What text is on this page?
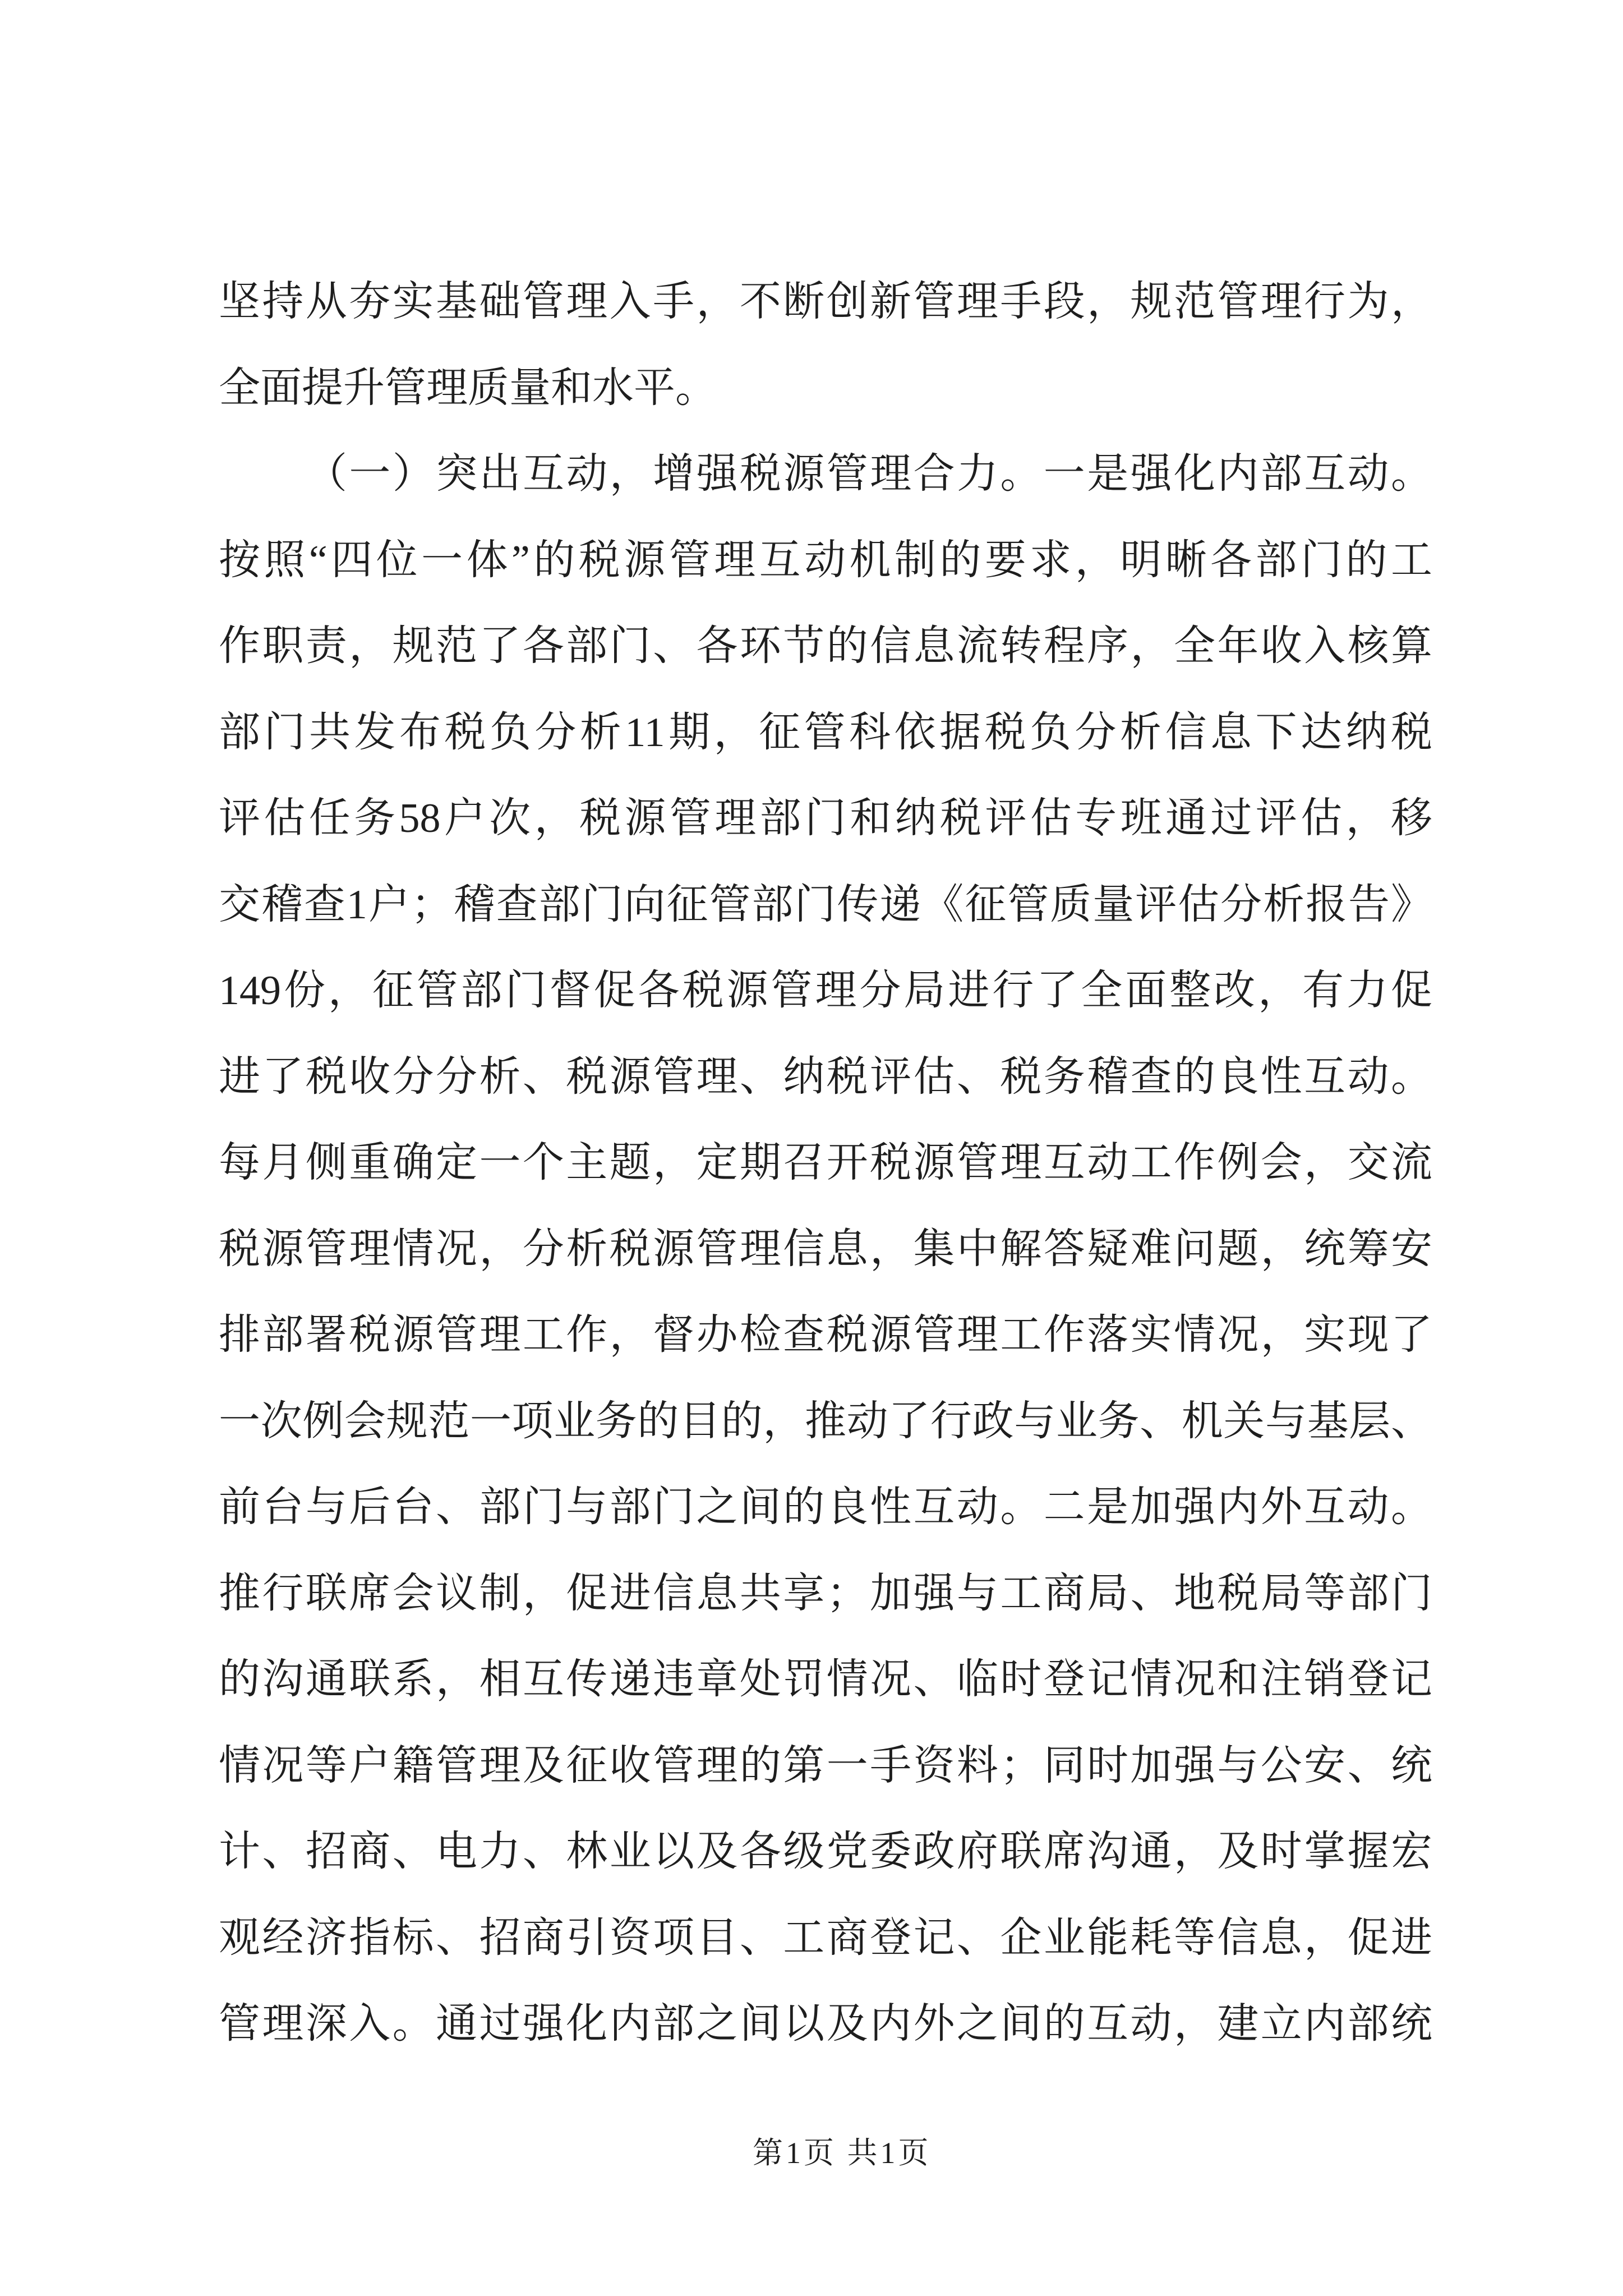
坚持从夯实基础管理入手，不断创新管理手段，规范管理行为，
全面提升管理质量和水平。
（一）突出互动，增强税源管理合力。一是强化内部互动。
按照“四位一体”的税源管理互动机制的要求，明晰各部门的工
作职责，规范了各部门、各环节的信息流转程序，全年收入核算
部门共发布税负分析11期，征管科依据税负分析信息下达纳税
评估任务58户次，税源管理部门和纳税评估专班通过评估，移
交稽查1户；稽查部门向征管部门传递《征管质量评估分析报告》
149份，征管部门督促各税源管理分局进行了全面整改，有力促
进了税收分分析、税源管理、纳税评估、税务稽查的良性互动。
每月侧重确定一个主题，定期召开税源管理互动工作例会，交流
税源管理情况，分析税源管理信息，集中解答疑难问题，统筹安
排部署税源管理工作，督办检查税源管理工作落实情况，实现了
一次例会规范一项业务的目的，推动了行政与业务、机关与基层、
前台与后台、部门与部门之间的良性互动。二是加强内外互动。
推行联席会议制，促进信息共享；加强与工商局、地税局等部门
的沟通联系，相互传递违章处罚情况、临时登记情况和注销登记
情况等户籍管理及征收管理的第一手资料；同时加强与公安、统
计、招商、电力、林业以及各级党委政府联席沟通，及时掌握宏
观经济指标、招商引资项目、工商登记、企业能耗等信息，促进
管理深入。通过强化内部之间以及内外之间的互动，建立内部统
第1页 共1页
